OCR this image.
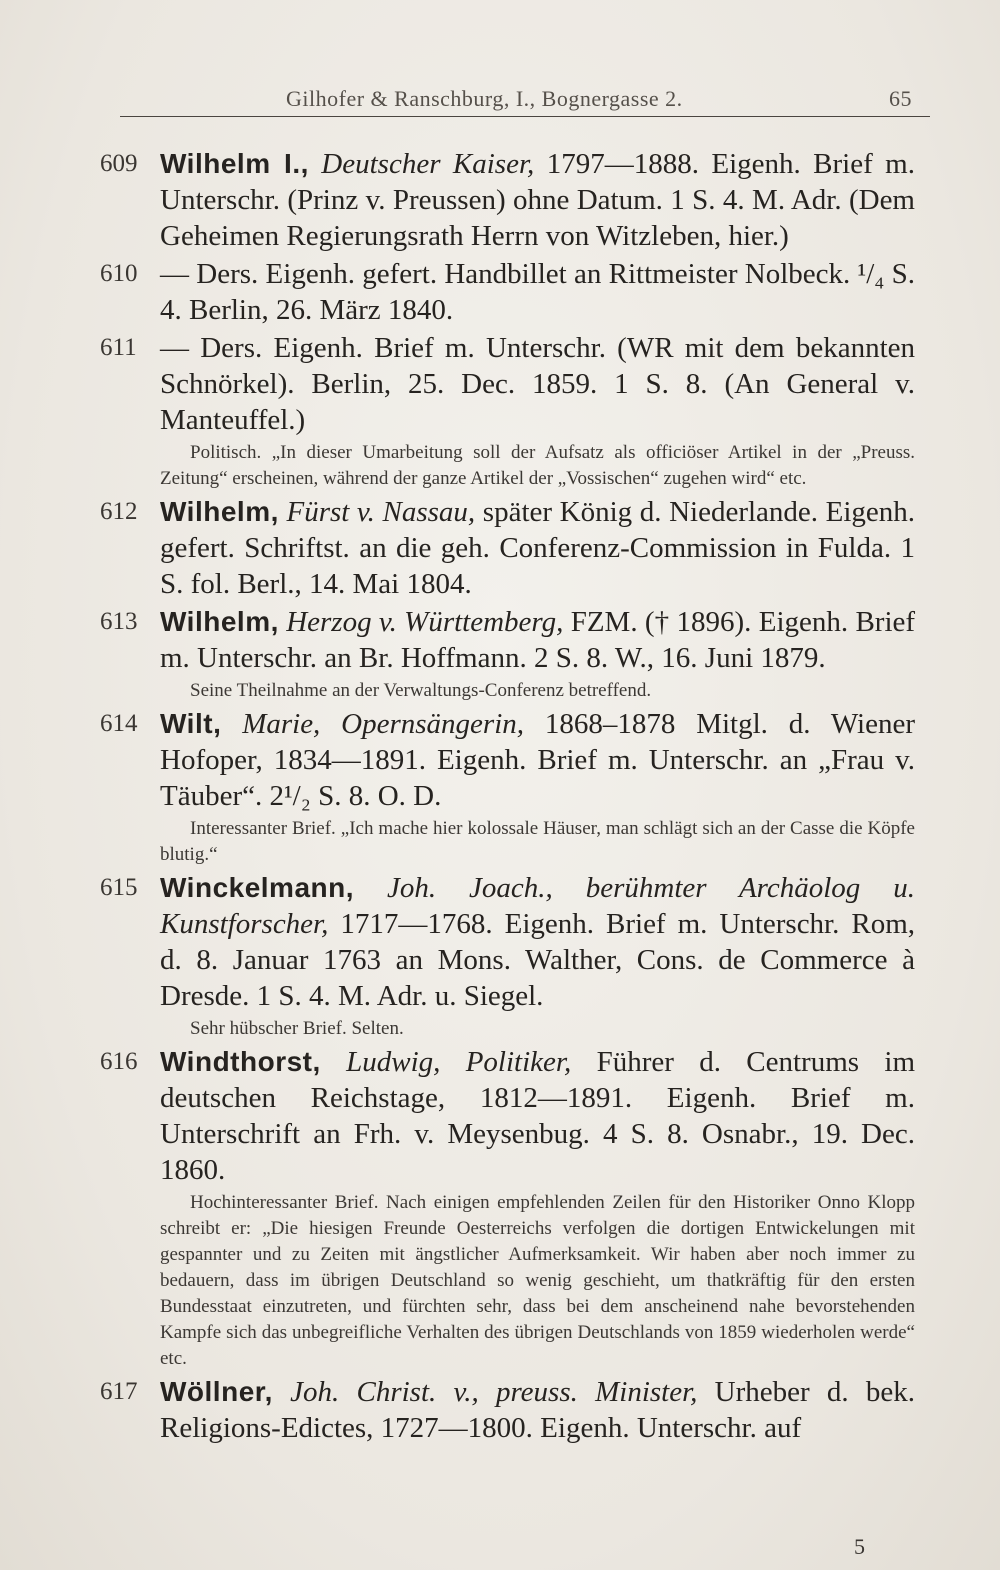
Gilhofer & Ranschburg, I., Bognergasse 2.	65
609 Wilhelm I., Deutscher Kaiser, 1797—1888. Eigenh. Brief m. Unterschr. (Prinz v. Preussen) ohne Datum. 1 S. 4. M. Adr. (Dem Geheimen Regierungsrath Herrn von Witzleben, hier.)
610 — Ders. Eigenh. gefert. Handbillet an Rittmeister Nolbeck. ¹/₄ S. 4. Berlin, 26. März 1840.
611 — Ders. Eigenh. Brief m. Unterschr. (WR mit dem bekannten Schnörkel). Berlin, 25. Dec. 1859. 1 S. 8. (An General v. Manteuffel.)
Politisch. „In dieser Umarbeitung soll der Aufsatz als officiöser Artikel in der „Preuss. Zeitung“ erscheinen, während der ganze Artikel der „Vossischen“ zugehen wird“ etc.
612 Wilhelm, Fürst v. Nassau, später König d. Niederlande. Eigenh. gefert. Schriftst. an die geh. Conferenz-Commission in Fulda. 1 S. fol. Berl., 14. Mai 1804.
613 Wilhelm, Herzog v. Württemberg, FZM. († 1896). Eigenh. Brief m. Unterschr. an Br. Hoffmann. 2 S. 8. W., 16. Juni 1879.
Seine Theilnahme an der Verwaltungs-Conferenz betreffend.
614 Wilt, Marie, Opernsängerin, 1868–1878 Mitgl. d. Wiener Hofoper, 1834—1891. Eigenh. Brief m. Unterschr. an „Frau v. Täuber“. 2¹/₂ S. 8. O. D.
Interessanter Brief. „Ich mache hier kolossale Häuser, man schlägt sich an der Casse die Köpfe blutig.“
615 Winckelmann, Joh. Joach., berühmter Archäolog u. Kunstforscher, 1717—1768. Eigenh. Brief m. Unterschr. Rom, d. 8. Januar 1763 an Mons. Walther, Cons. de Commerce à Dresde. 1 S. 4. M. Adr. u. Siegel.
Sehr hübscher Brief. Selten.
616 Windthorst, Ludwig, Politiker, Führer d. Centrums im deutschen Reichstage, 1812—1891. Eigenh. Brief m. Unterschrift an Frh. v. Meysenbug. 4 S. 8. Osnabr., 19. Dec. 1860.
Hochinteressanter Brief. Nach einigen empfehlenden Zeilen für den Historiker Onno Klopp schreibt er: „Die hiesigen Freunde Oesterreichs verfolgen die dortigen Entwickelungen mit gespannter und zu Zeiten mit ängstlicher Aufmerksamkeit. Wir haben aber noch immer zu bedauern, dass im übrigen Deutschland so wenig geschieht, um thatkräftig für den ersten Bundesstaat einzutreten, und fürchten sehr, dass bei dem anscheinend nahe bevorstehenden Kampfe sich das unbegreifliche Verhalten des übrigen Deutschlands von 1859 wiederholen werde“ etc.
617 Wöllner, Joh. Christ. v., preuss. Minister, Urheber d. bek. Religions-Edictes, 1727—1800. Eigenh. Unterschr. auf
5
